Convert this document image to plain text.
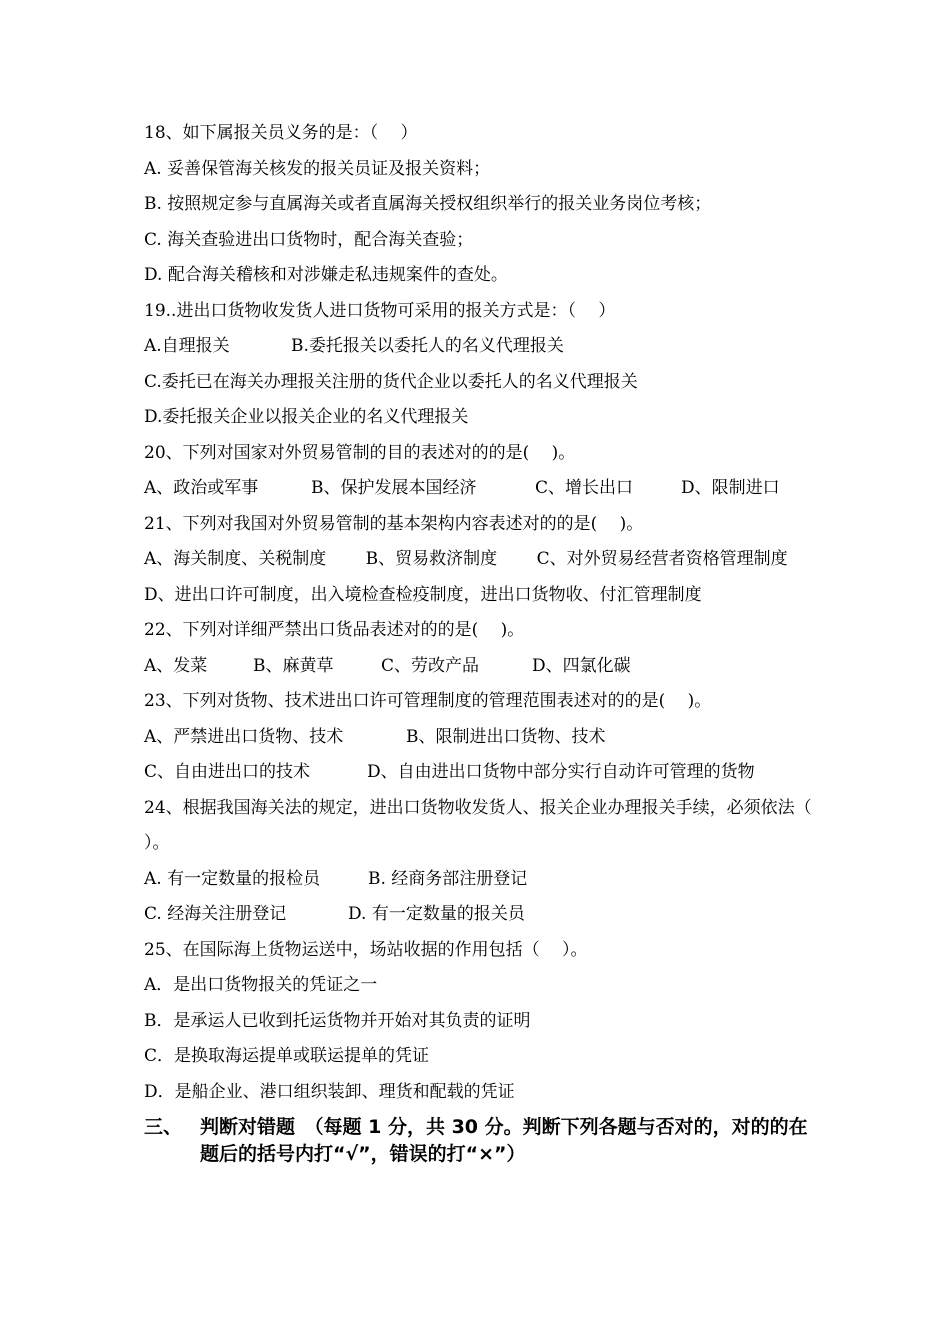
18、如下属报关员义务的是：（　 ）
A. 妥善保管海关核发的报关员证及报关资料；
B. 按照规定参与直属海关或者直属海关授权组织举行的报关业务岗位考核；
C. 海关查验进出口货物时，配合海关查验；
D. 配合海关稽核和对涉嫌走私违规案件的查处。
19..进出口货物收发货人进口货物可采用的报关方式是：（　 ）
A.自理报关	B.委托报关以委托人的名义代理报关
C.委托已在海关办理报关注册的货代企业以委托人的名义代理报关
D.委托报关企业以报关企业的名义代理报关
20、下列对国家对外贸易管制的目的表述对的的是(　 )。
A、政治或军事	B、保护发展本国经济	C、增长出口	D、限制进口
21、下列对我国对外贸易管制的基本架构内容表述对的的是(　 )。
A、海关制度、关税制度　　 B、贸易救济制度　　 C、对外贸易经营者资格管理制度
D、进出口许可制度，出入境检查检疫制度，进出口货物收、付汇管理制度
22、下列对详细严禁出口货品表述对的的是(　 )。
A、发菜	B、麻黄草	C、劳改产品	D、四氯化碳
23、下列对货物、技术进出口许可管理制度的管理范围表述对的的是(　 )。
A、严禁进出口货物、技术	B、限制进出口货物、技术
C、自由进出口的技术	D、自由进出口货物中部分实行自动许可管理的货物
24、根据我国海关法的规定，进出口货物收发货人、报关企业办理报关手续，必须依法（ ）。
A. 有一定数量的报检员	B. 经商务部注册登记
C. 经海关注册登记	D. 有一定数量的报关员
25、在国际海上货物运送中，场站收据的作用包括（　 ）。
A．是出口货物报关的凭证之一
B．是承运人已收到托运货物并开始对其负责的证明
C．是换取海运提单或联运提单的凭证
D．是船企业、港口组织装卸、理货和配载的凭证
三、 判断对错题　（每题 1 分，共 30 分。判断下列各题与否对的，对的的在题后的括号内打“√”，错误的打“×”）
